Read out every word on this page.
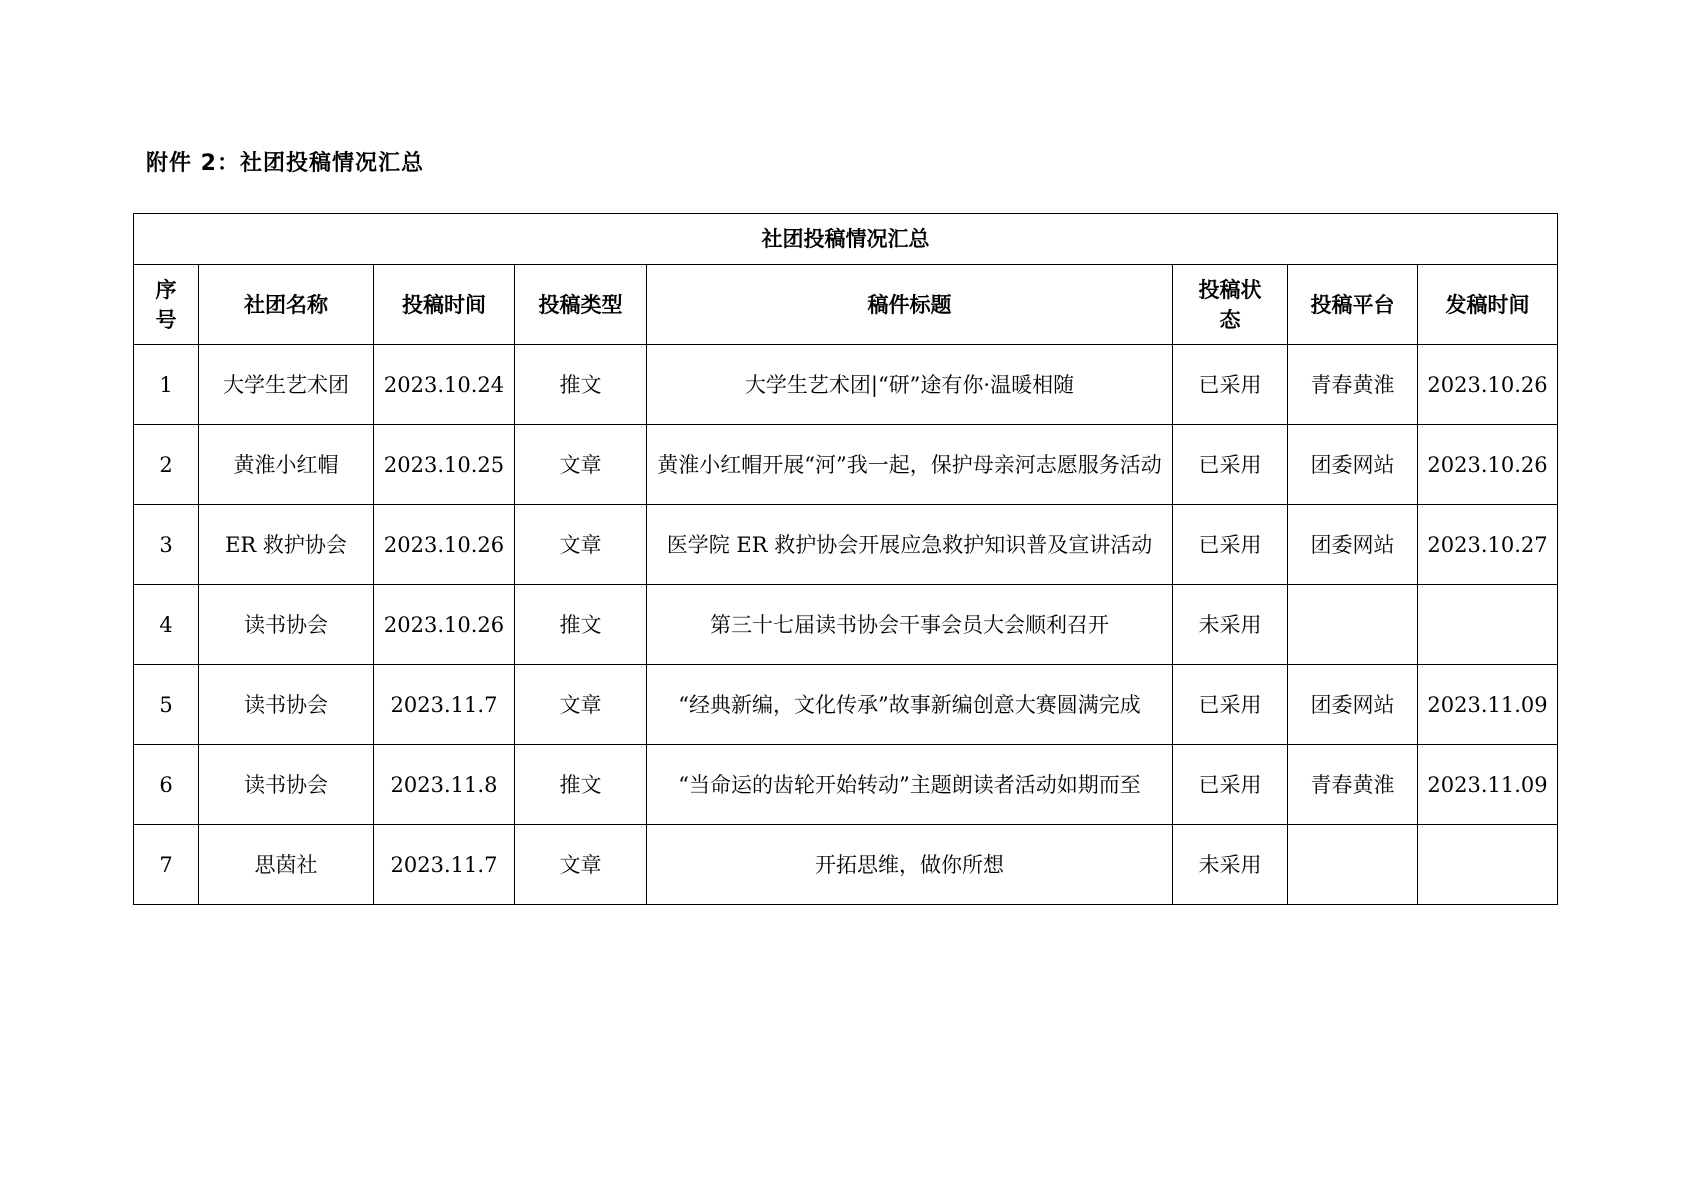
附件 2：社团投稿情况汇总
社团投稿情况汇总							
序号	社团名称	投稿时间	投稿类型	稿件标题	投稿状态	投稿平台	发稿时间
1	大学生艺术团	2023.10.24	推文	大学生艺术团|“研”途有你·温暖相随	已采用	青春黄淮	2023.10.26
2	黄淮小红帽	2023.10.25	文章	黄淮小红帽开展“河”我一起，保护母亲河志愿服务活动	已采用	团委网站	2023.10.26
3	ER 救护协会	2023.10.26	文章	医学院 ER 救护协会开展应急救护知识普及宣讲活动	已采用	团委网站	2023.10.27
4	读书协会	2023.10.26	推文	第三十七届读书协会干事会员大会顺利召开	未采用		
5	读书协会	2023.11.7	文章	“经典新编，文化传承”故事新编创意大赛圆满完成	已采用	团委网站	2023.11.09
6	读书协会	2023.11.8	推文	“当命运的齿轮开始转动”主题朗读者活动如期而至	已采用	青春黄淮	2023.11.09
7	思茵社	2023.11.7	文章	开拓思维，做你所想	未采用		
